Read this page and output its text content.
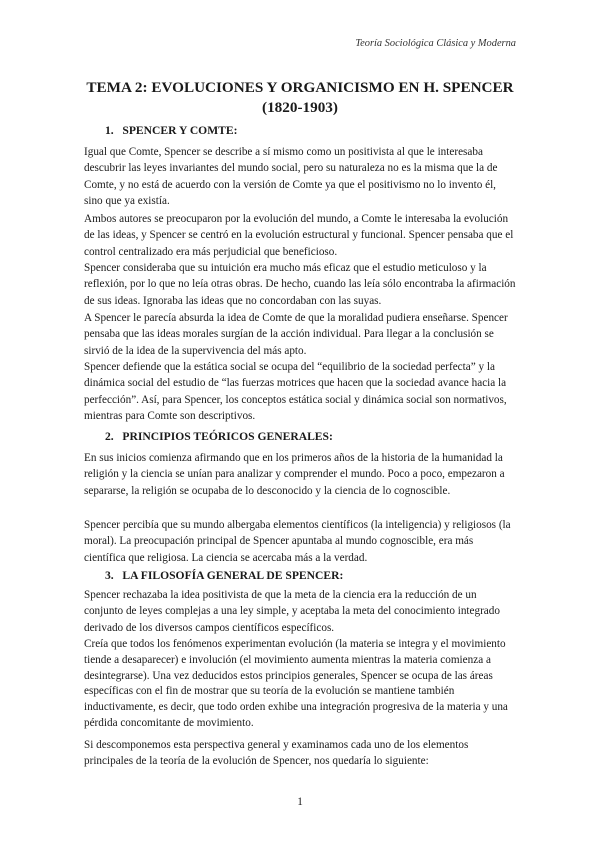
Teoría Sociológica Clásica y Moderna
TEMA 2: EVOLUCIONES Y ORGANICISMO EN H. SPENCER (1820-1903)
1.   SPENCER Y COMTE:

Igual que Comte, Spencer se describe a sí mismo como un positivista al que le interesaba descubrir las leyes invariantes del mundo social, pero su naturaleza no es la misma que la de Comte, y no está de acuerdo con la versión de Comte ya que el positivismo no lo invento él, sino que ya existía.

Ambos autores se preocuparon por la evolución del mundo, a Comte le interesaba la evolución de las ideas, y Spencer se centró en la evolución estructural y funcional. Spencer pensaba que el control centralizado era más perjudicial que beneficioso.

Spencer consideraba que su intuición era mucho más eficaz que el estudio meticuloso y la reflexión, por lo que no leía otras obras. De hecho, cuando las leía sólo encontraba la afirmación de sus ideas. Ignoraba las ideas que no concordaban con las suyas.

A Spencer le parecía absurda la idea de Comte de que la moralidad pudiera enseñarse. Spencer pensaba que las ideas morales surgían de la acción individual. Para llegar a la conclusión se sirvió de la idea de la supervivencia del más apto.

Spencer defiende que la estática social se ocupa del “equilibrio de la sociedad perfecta” y la dinámica social del estudio de “las fuerzas motrices que hacen que la sociedad avance hacia la perfección”. Así, para Spencer, los conceptos estática social y dinámica social son normativos, mientras para Comte son descriptivos.

2.   PRINCIPIOS TEÓRICOS GENERALES:

En sus inicios comienza afirmando que en los primeros años de la historia de la humanidad la religión y la ciencia se unían para analizar y comprender el mundo. Poco a poco, empezaron a separarse, la religión se ocupaba de lo desconocido y la ciencia de lo cognoscible.

Spencer percibía que su mundo albergaba elementos científicos (la inteligencia) y religiosos (la moral). La preocupación principal de Spencer apuntaba al mundo cognoscible, era más científica que religiosa. La ciencia se acercaba más a la verdad.

3.   LA FILOSOFÍA GENERAL DE SPENCER:

Spencer rechazaba la idea positivista de que la meta de la ciencia era la reducción de un conjunto de leyes complejas a una ley simple, y aceptaba la meta del conocimiento integrado derivado de los diversos campos científicos específicos.

Creía que todos los fenómenos experimentan evolución (la materia se integra y el movimiento tiende a desaparecer) e involución (el movimiento aumenta mientras la materia comienza a desintegrarse). Una vez deducidos estos principios generales, Spencer se ocupa de las áreas específicas con el fin de mostrar que su teoría de la evolución se mantiene también inductivamente, es decir, que todo orden exhibe una integración progresiva de la materia y una pérdida concomitante de movimiento.

Si descomponemos esta perspectiva general y examinamos cada uno de los elementos principales de la teoría de la evolución de Spencer, nos quedaría lo siguiente:

1
